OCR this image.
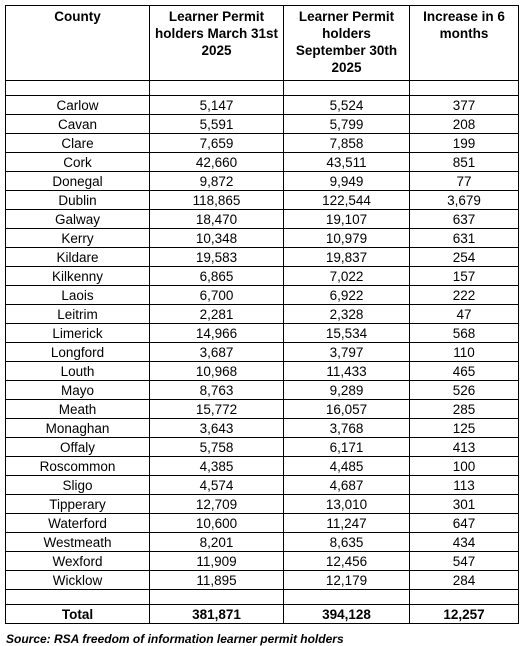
County	Learner Permit holders March 31st 2025	Learner Permit holders September 30th 2025	Increase in 6 months

Carlow	5,147	5,524	377
Cavan	5,591	5,799	208
Clare	7,659	7,858	199
Cork	42,660	43,511	851
Donegal	9,872	9,949	77
Dublin	118,865	122,544	3,679
Galway	18,470	19,107	637
Kerry	10,348	10,979	631
Kildare	19,583	19,837	254
Kilkenny	6,865	7,022	157
Laois	6,700	6,922	222
Leitrim	2,281	2,328	47
Limerick	14,966	15,534	568
Longford	3,687	3,797	110
Louth	10,968	11,433	465
Mayo	8,763	9,289	526
Meath	15,772	16,057	285
Monaghan	3,643	3,768	125
Offaly	5,758	6,171	413
Roscommon	4,385	4,485	100
Sligo	4,574	4,687	113
Tipperary	12,709	13,010	301
Waterford	10,600	11,247	647
Westmeath	8,201	8,635	434
Wexford	11,909	12,456	547
Wicklow	11,895	12,179	284

Total	381,871	394,128	12,257
Source: RSA freedom of information learner permit holders
